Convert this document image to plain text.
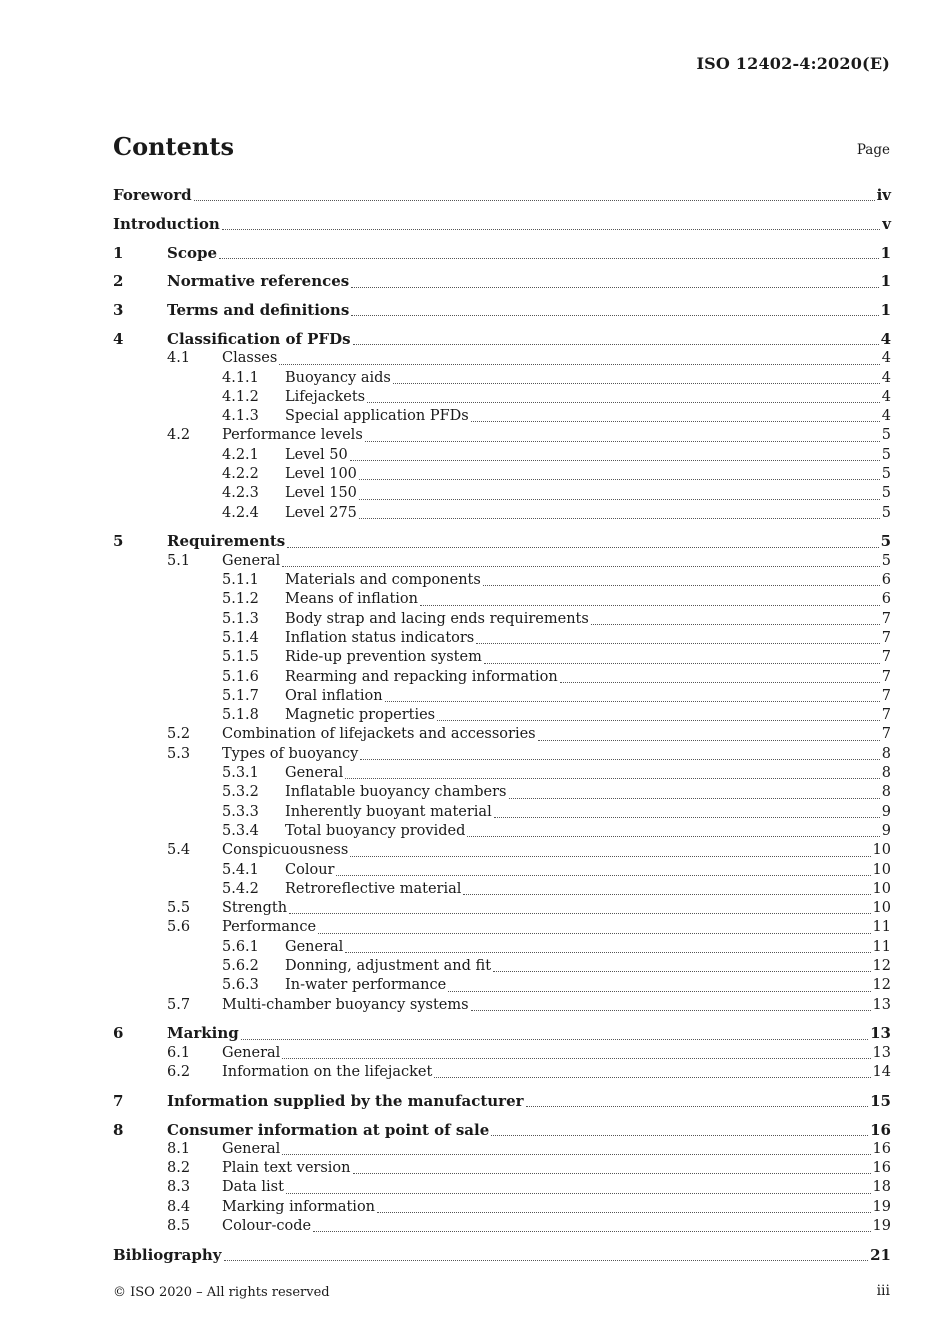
ISO 12402-4:2020(E)
Contents	Page
Foreword	iv
Introduction	v
1	Scope	1
2	Normative references	1
3	Terms and definitions	1
4	Classification of PFDs	4
4.1	Classes	4
4.1.1	Buoyancy aids	4
4.1.2	Lifejackets	4
4.1.3	Special application PFDs	4
4.2	Performance levels	5
4.2.1	Level 50	5
4.2.2	Level 100	5
4.2.3	Level 150	5
4.2.4	Level 275	5
5	Requirements	5
5.1	General	5
5.1.1	Materials and components	6
5.1.2	Means of inflation	6
5.1.3	Body strap and lacing ends requirements	7
5.1.4	Inflation status indicators	7
5.1.5	Ride-up prevention system	7
5.1.6	Rearming and repacking information	7
5.1.7	Oral inflation	7
5.1.8	Magnetic properties	7
5.2	Combination of lifejackets and accessories	7
5.3	Types of buoyancy	8
5.3.1	General	8
5.3.2	Inflatable buoyancy chambers	8
5.3.3	Inherently buoyant material	9
5.3.4	Total buoyancy provided	9
5.4	Conspicuousness	10
5.4.1	Colour	10
5.4.2	Retroreflective material	10
5.5	Strength	10
5.6	Performance	11
5.6.1	General	11
5.6.2	Donning, adjustment and fit	12
5.6.3	In-water performance	12
5.7	Multi-chamber buoyancy systems	13
6	Marking	13
6.1	General	13
6.2	Information on the lifejacket	14
7	Information supplied by the manufacturer	15
8	Consumer information at point of sale	16
8.1	General	16
8.2	Plain text version	16
8.3	Data list	18
8.4	Marking information	19
8.5	Colour-code	19
Bibliography	21
© ISO 2020 – All rights reserved	iii
